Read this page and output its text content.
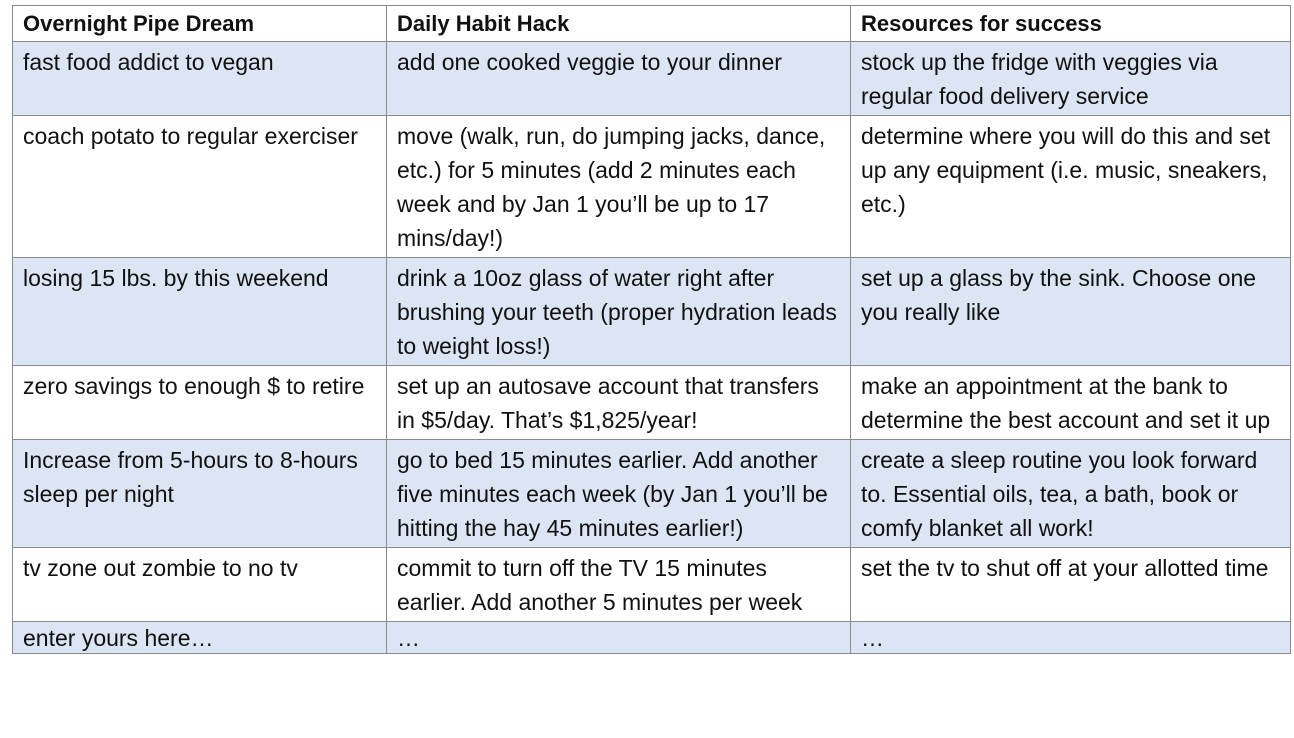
Overnight Pipe Dream	Daily Habit Hack	Resources for success
fast food addict to vegan	add one cooked veggie to your dinner	stock up the fridge with veggies via regular food delivery service
coach potato to regular exerciser	move (walk, run, do jumping jacks, dance, etc.) for 5 minutes (add 2 minutes each week and by Jan 1 you’ll be up to 17 mins/day!)	determine where you will do this and set up any equipment (i.e. music, sneakers, etc.)
losing 15 lbs. by this weekend	drink a 10oz glass of water right after brushing your teeth (proper hydration leads to weight loss!)	set up a glass by the sink. Choose one you really like
zero savings to enough $ to retire	set up an autosave account that transfers in $5/day. That’s $1,825/year!	make an appointment at the bank to determine the best account and set it up
Increase from 5-hours to 8-hours sleep per night	go to bed 15 minutes earlier. Add another five minutes each week (by Jan 1 you’ll be hitting the hay 45 minutes earlier!)	create a sleep routine you look forward to. Essential oils, tea, a bath, book or comfy blanket all work!
tv zone out zombie to no tv	commit to turn off the TV 15 minutes earlier. Add another 5 minutes per week	set the tv to shut off at your allotted time
enter yours here…	…	…
